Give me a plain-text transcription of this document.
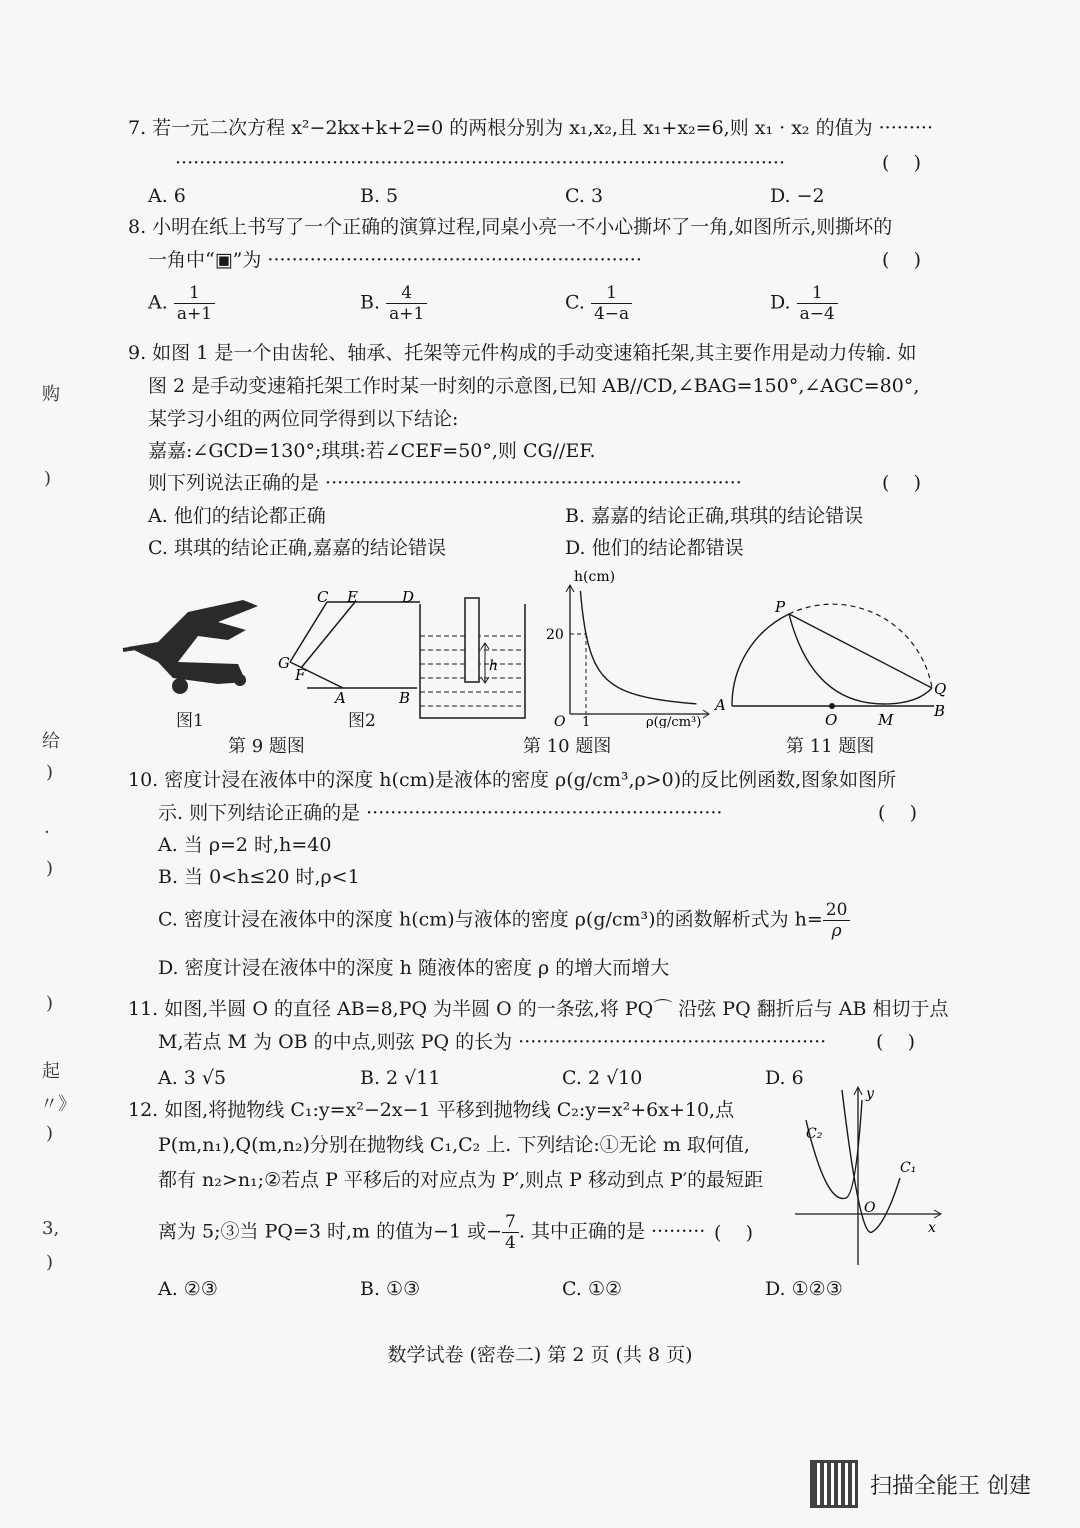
购
)
给
)
·
)
)
起
〃》
)
3,
)
7. 若一元二次方程 x²−2kx+k+2=0 的两根分别为 x₁,x₂,且 x₁+x₂=6,则 x₁ · x₂ 的值为 ·········
·····································································································	(    )
A. 6	B. 5	C. 3	D. −2
8. 小明在纸上书写了一个正确的演算过程,同桌小亮一不小心撕坏了一角,如图所示,则撕坏的
一角中“▣”为 ······························································	(    )
A. $\frac{1}{a+1}$	B. $\frac{4}{a+1}$	C. $\frac{1}{4-a}$	D. $\frac{1}{a-4}$
9. 如图 1 是一个由齿轮、轴承、托架等元件构成的手动变速箱托架,其主要作用是动力传输. 如
图 2 是手动变速箱托架工作时某一时刻的示意图,已知 AB//CD,∠BAG=150°,∠AGC=80°,
某学习小组的两位同学得到以下结论:
嘉嘉:∠GCD=130°;琪琪:若∠CEF=50°,则 CG//EF.
则下列说法正确的是 ·····································································	(    )
A. 他们的结论都正确	B. 嘉嘉的结论正确,琪琪的结论错误
C. 琪琪的结论正确,嘉嘉的结论错误	D. 他们的结论都错误
图1
C E	D
G
F
A	B
图2
第 9 题图
h
h(cm)
20
1
O	ρ(g/cm³)
第 10 题图
P
Q
A
O	M	B
第 11 题图
10. 密度计浸在液体中的深度 h(cm)是液体的密度 ρ(g/cm³,ρ>0)的反比例函数,图象如图所
示. 则下列结论正确的是 ···························································	(    )
A. 当 ρ=2 时,h=40
B. 当 0<h≤20 时,ρ<1
C. 密度计浸在液体中的深度 h(cm)与液体的密度 ρ(g/cm³)的函数解析式为 $h= \frac{20}{\rho}$
D. 密度计浸在液体中的深度 h 随液体的密度 ρ 的增大而增大
11. 如图,半圆 O 的直径 AB=8,PQ 为半圆 O 的一条弦,将 PQ⌒ 沿弦 PQ 翻折后与 AB 相切于点
M,若点 M 为 OB 的中点,则弦 PQ 的长为 ···················································	(    )
A. 3 √5	B. 2 √11	C. 2 √10	D. 6
12. 如图,将抛物线 C₁:y=x²−2x−1 平移到抛物线 C₂:y=x²+6x+10,点
P(m,n₁),Q(m,n₂)分别在抛物线 C₁,C₂ 上. 下列结论:①无论 m 取何值,
都有 n₂>n₁;②若点 P 平移后的对应点为 P′,则点 P 移动到点 P′的最短距
离为 5;③当 PQ=3 时,m 的值为−1 或− $\frac{7}{4}$ . 其中正确的是 ········· (    )
A. ②③	B. ①③	C. ①②	D. ①②③
y
x
O
C₂
C₁
数学试卷 (密卷二) 第 2 页 (共 8 页)
扫描全能王 创建
